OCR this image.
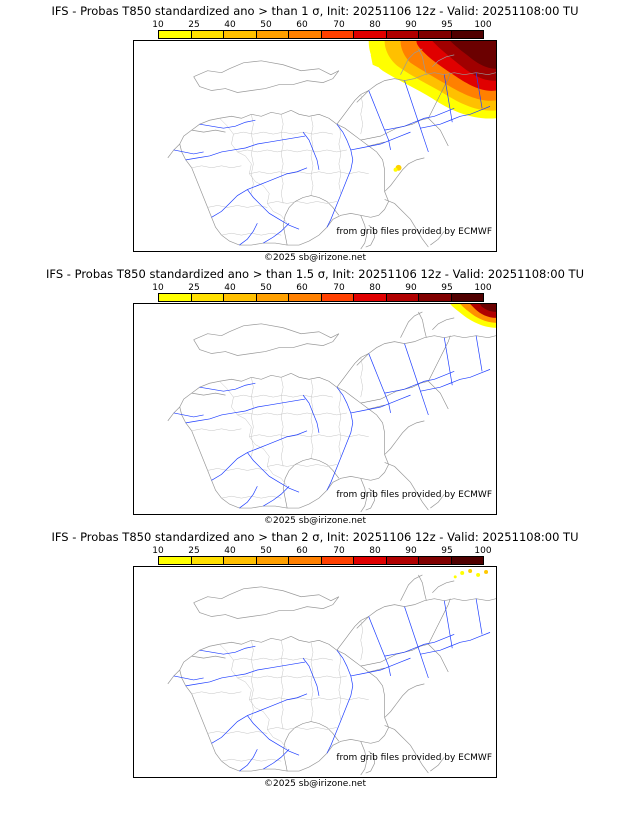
IFS - Probas T850 standardized ano > than 1 σ, Init: 20251106 12z - Valid: 20251108:00 TU
10	25	40	50	60	70	80	90	95 100
from grib files provided by ECMWF
©2025 sb@irizone.net
IFS - Probas T850 standardized ano > than 1.5 σ, Init: 20251106 12z - Valid: 20251108:00 TU
10	25	40	50	60	70	80	90	95 100
from grib files provided by ECMWF
©2025 sb@irizone.net
IFS - Probas T850 standardized ano > than 2 σ, Init: 20251106 12z - Valid: 20251108:00 TU
10	25	40	50	60	70	80	90	95 100
from grib files provided by ECMWF
©2025 sb@irizone.net
